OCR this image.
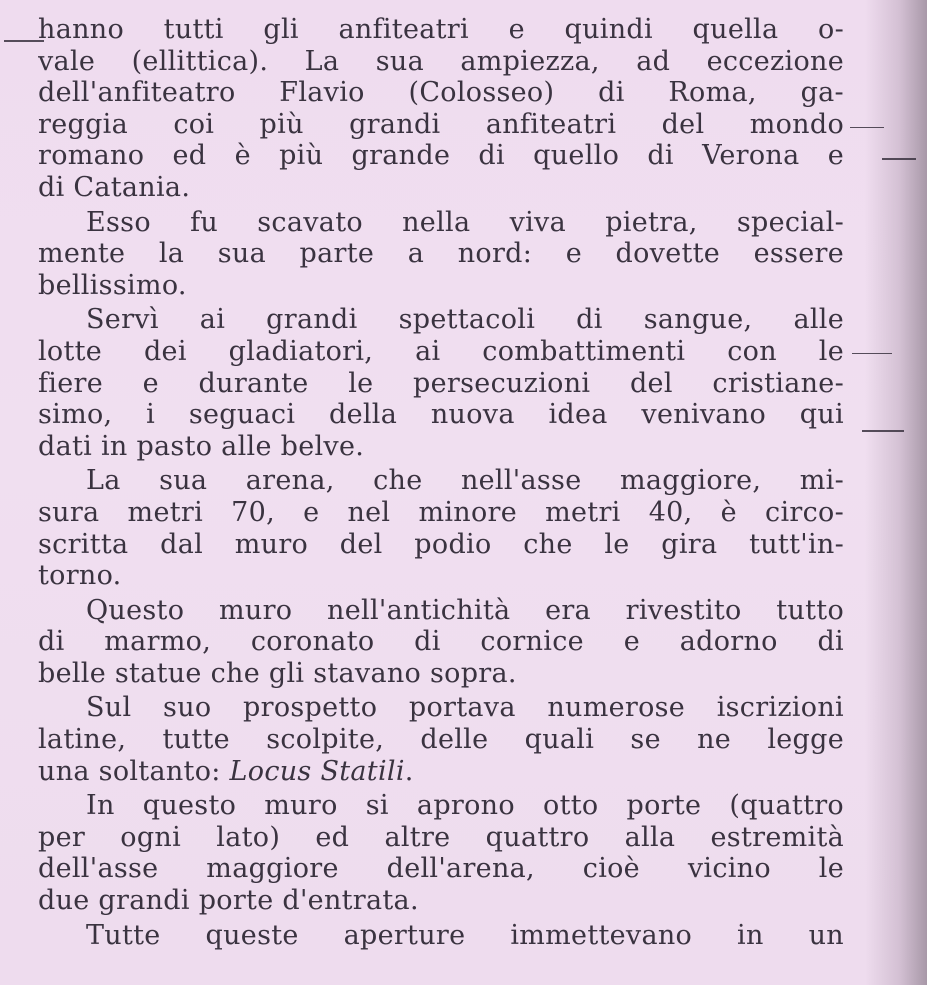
hanno tutti gli anfiteatri e quindi quella o-
vale (ellittica). La sua ampiezza, ad eccezione
dell'anfiteatro Flavio (Colosseo) di Roma, ga-
reggia coi più grandi anfiteatri del mondo
romano ed è più grande di quello di Verona e
di Catania.
Esso fu scavato nella viva pietra, special-
mente la sua parte a nord: e dovette essere
bellissimo.
Servì ai grandi spettacoli di sangue, alle
lotte dei gladiatori, ai combattimenti con le
fiere e durante le persecuzioni del cristiane-
simo, i seguaci della nuova idea venivano qui
dati in pasto alle belve.
La sua arena, che nell'asse maggiore, mi-
sura metri 70, e nel minore metri 40, è circo-
scritta dal muro del podio che le gira tutt'in-
torno.
Questo muro nell'antichità era rivestito tutto
di marmo, coronato di cornice e adorno di
belle statue che gli stavano sopra.
Sul suo prospetto portava numerose iscrizioni
latine, tutte scolpite, delle quali se ne legge
una soltanto: Locus Statili.
In questo muro si aprono otto porte (quattro
per ogni lato) ed altre quattro alla estremità
dell'asse maggiore dell'arena, cioè vicino le
due grandi porte d'entrata.
Tutte queste aperture immettevano in un
